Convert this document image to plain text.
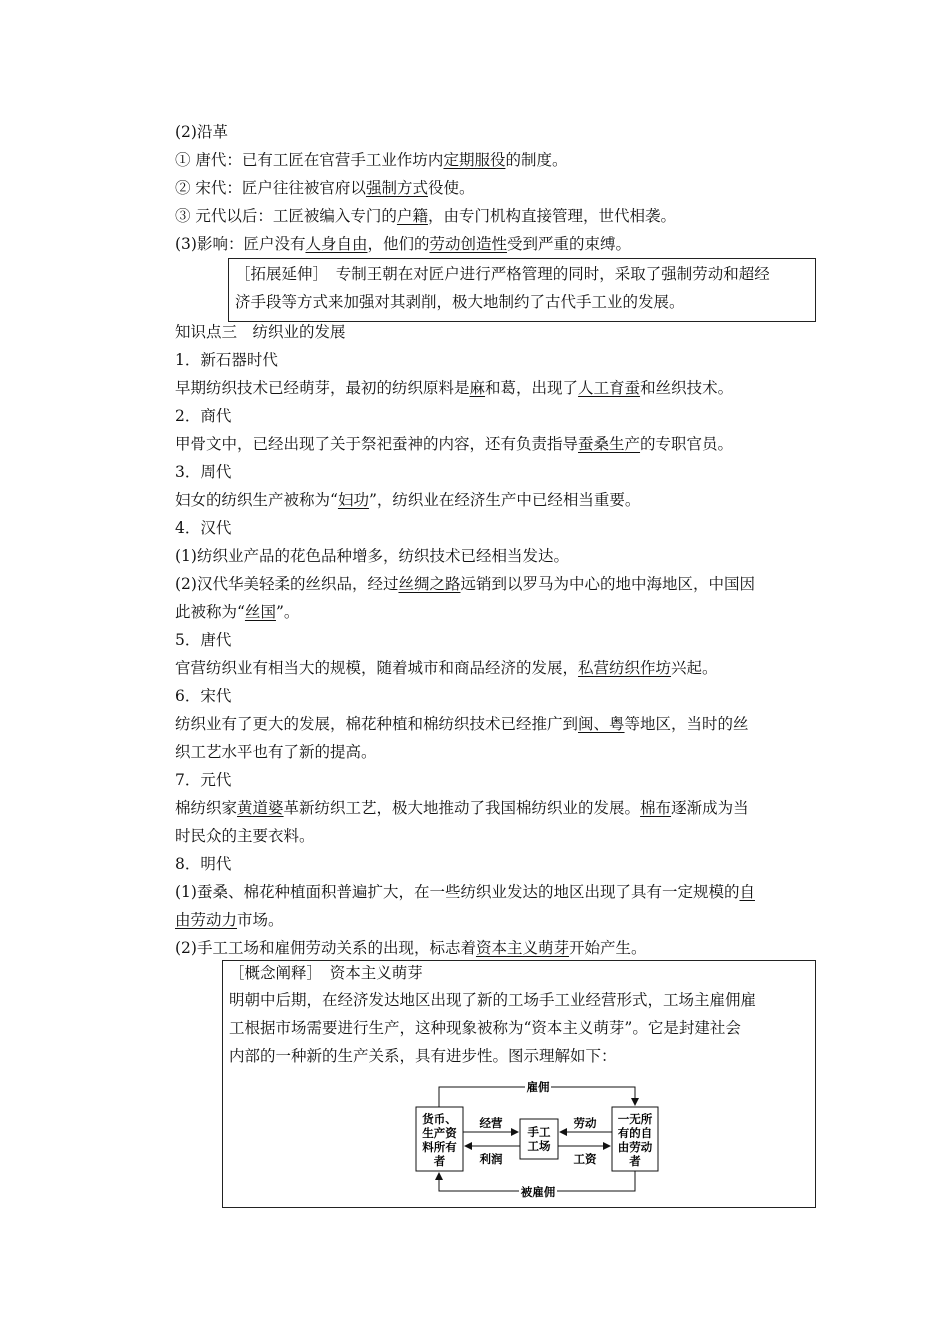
(2)沿革
① 唐代：已有工匠在官营手工业作坊内定期服役的制度。
② 宋代：匠户往往被官府以强制方式役使。
③ 元代以后：工匠被编入专门的户籍，由专门机构直接管理，世代相袭。
(3)影响：匠户没有人身自由，他们的劳动创造性受到严重的束缚。
知识点三　纺织业的发展
1．新石器时代
早期纺织技术已经萌芽，最初的纺织原料是麻和葛，出现了人工育蚕和丝织技术。
2．商代
甲骨文中，已经出现了关于祭祀蚕神的内容，还有负责指导蚕桑生产的专职官员。
3．周代
妇女的纺织生产被称为“妇功”，纺织业在经济生产中已经相当重要。
4．汉代
(1)纺织业产品的花色品种增多，纺织技术已经相当发达。
(2)汉代华美轻柔的丝织品，经过丝绸之路远销到以罗马为中心的地中海地区，中国因
此被称为“丝国”。
5．唐代
官营纺织业有相当大的规模，随着城市和商品经济的发展，私营纺织作坊兴起。
6．宋代
纺织业有了更大的发展，棉花种植和棉纺织技术已经推广到闽、粤等地区，当时的丝
织工艺水平也有了新的提高。
7．元代
棉纺织家黄道婆革新纺织工艺，极大地推动了我国棉纺织业的发展。棉布逐渐成为当
时民众的主要衣料。
8．明代
(1)蚕桑、棉花种植面积普遍扩大，在一些纺织业发达的地区出现了具有一定规模的自
由劳动力市场。
(2)手工工场和雇佣劳动关系的出现，标志着资本主义萌芽开始产生。
［拓展延伸］　专制王朝在对匠户进行严格管理的同时，采取了强制劳动和超经
济手段等方式来加强对其剥削，极大地制约了古代手工业的发展。
［概念阐释］　资本主义萌芽
明朝中后期，在经济发达地区出现了新的工场手工业经营形式，工场主雇佣雇
工根据市场需要进行生产，这种现象被称为“资本主义萌芽”。它是封建社会
内部的一种新的生产关系，具有进步性。图示理解如下：
货币、
生产资
料所有
者
手工
工场
一无所
有的自
由劳动
者
雇佣
被雇佣
经营
利润
劳动
工资
